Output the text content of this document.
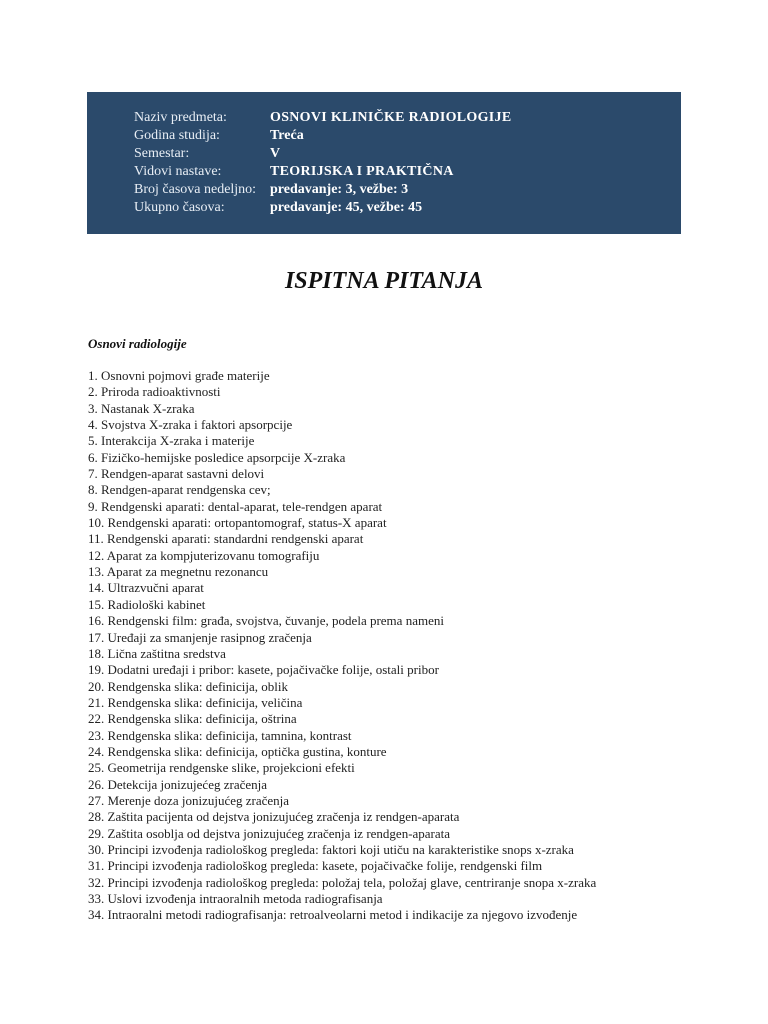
Naziv predmeta:	OSNOVI KLINIČKE RADIOLOGIJE
Godina studija:	Treća
Semestar:	V
Vidovi nastave:	TEORIJSKA I PRAKTIČNA
Broj časova nedeljno: predavanje: 3, vežbe: 3
Ukupno časova:	predavanje: 45, vežbe: 45
ISPITNA PITANJA
Osnovi radiologije
1. Osnovni pojmovi građe materije
2. Priroda radioaktivnosti
3. Nastanak X-zraka
4. Svojstva X-zraka i faktori apsorpcije
5. Interakcija X-zraka i materije
6. Fizičko-hemijske posledice apsorpcije X-zraka
7. Rendgen-aparat sastavni delovi
8. Rendgen-aparat rendgenska cev;
9. Rendgenski aparati: dental-aparat, tele-rendgen aparat
10. Rendgenski aparati: ortopantomograf, status-X aparat
11. Rendgenski aparati: standardni rendgenski aparat
12. Aparat za kompjuterizovanu tomografiju
13. Aparat za megnetnu rezonancu
14. Ultrazvučni aparat
15. Radiološki kabinet
16. Rendgenski film: građa, svojstva, čuvanje, podela prema nameni
17. Uređaji za smanjenje rasipnog zračenja
18. Lična zaštitna sredstva
19. Dodatni uređaji i pribor: kasete, pojačivačke folije, ostali pribor
20. Rendgenska slika: definicija, oblik
21. Rendgenska slika: definicija, veličina
22. Rendgenska slika: definicija, oštrina
23. Rendgenska slika: definicija, tamnina, kontrast
24. Rendgenska slika: definicija, optička gustina, konture
25. Geometrija rendgenske slike, projekcioni efekti
26. Detekcija jonizujećeg zračenja
27. Merenje doza jonizujućeg zračenja
28. Zaštita pacijenta od dejstva jonizujućeg zračenja iz rendgen-aparata
29. Zaštita osoblja od dejstva jonizujućeg zračenja iz rendgen-aparata
30. Principi izvođenja radiološkog pregleda: faktori koji utiču na karakteristike snops x-zraka
31. Principi izvođenja radiološkog pregleda: kasete, pojačivačke folije, rendgenski film
32. Principi izvođenja radiološkog pregleda: položaj tela, položaj glave, centriranje snopa x-zraka
33. Uslovi izvođenja intraoralnih metoda radiografisanja
34. Intraoralni metodi radiografisanja: retroalveolarni metod i indikacije za njegovo izvođenje
